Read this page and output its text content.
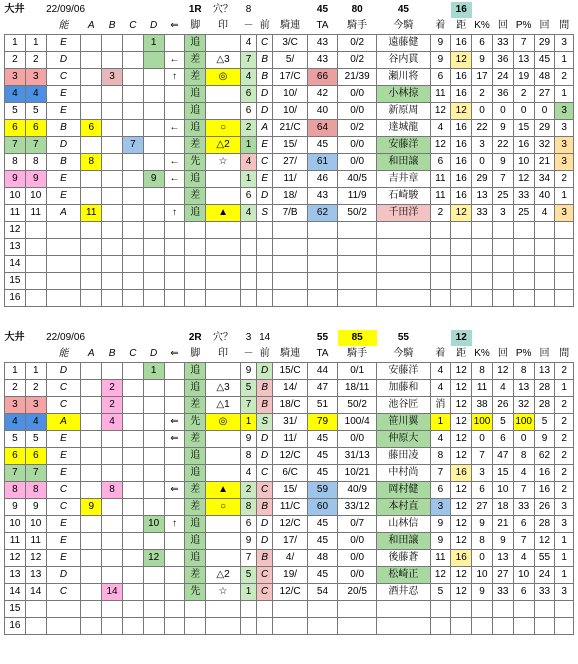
大井		22/09/06						1R	穴？	8			45	80	45		16					
		能	A	B	C	D	⇐	脚	印	－	前	騎連	TA	騎手	今騎	着	距	K%	回	P%	回	間
1	1	E				1		追		4	C	3/C	43	0/2	遠藤健	9	16	6	33	7	29	3
2	2	D					←	差	△3	7	B	5/	43	0/2	谷内貫	9	12	9	36	13	45	1
3	3	C		3			↑	差	◎	4	B	17/C	66	21/39	瀬川将	6	16	17	24	19	48	2
4	4	E						追		6	D	10/	42	0/0	小林掠	11	16	2	36	2	27	1
5	5	E						追		6	D	10/	40	0/0	新原周	12	12	0	0	0	0	3
6	6	B	6				←	追	○	2	A	21/C	64	0/2	達城龍	4	16	22	9	15	29	3
7	7	D			7			差	△2	1	E	15/	45	0/0	安藤洋	12	16	3	22	16	32	3
8	8	B	8				←	先	☆	4	C	27/	61	0/0	和田譲	6	16	0	9	10	21	3
9	9	E				9	←	追		1	E	11/	46	40/5	吉井章	11	16	29	7	12	34	2
10	10	E						差		6	D	18/	43	11/9	石崎駿	11	16	13	25	33	40	1
11	11	A	11				↑	追	▲	4	S	7/B	62	50/2	千田洋	2	12	33	3	25	4	3
12																						
13																						
14																						
15																						
16																						
大井		22/09/06						2R	穴？	3	14		55	85	55		12					
		能	A	B	C	D	⇐	脚	印	－	前	騎連	TA	騎手	今騎	着	距	K%	回	P%	回	間
1	1	D				1		追		9	D	15/C	44	0/1	安藤洋	4	12	8	12	8	13	2
2	2	C		2				追	△3	5	B	14/	47	18/11	加藤和	4	12	11	4	13	28	1
3	3	C		2				差	△1	7	B	18/C	51	50/2	池谷匠	消	12	38	26	32	28	2
4	4	A		4			⇐	先	◎	1	S	31/	79	100/4	笹川翼	1	12	100	5	100	5	2
5	5	E					⇐	差		9	D	11/	45	0/0	仲原大	4	12	0	6	0	9	2
6	6	E						追		8	D	12/C	45	31/13	藤田凌	8	12	7	47	8	62	2
7	7	E						追		4	C	6/C	45	10/21	中村尚	7	16	3	15	4	16	2
8	8	C		8			⇐	差	▲	2	C	15/	59	40/9	岡村健	6	12	6	10	7	16	2
9	9	C	9					差	○	8	B	11/C	60	33/12	本村直	3	12	27	18	33	26	3
10	10	E				10	↑	追		6	D	12/C	45	0/7	山林信	9	12	9	21	6	28	3
11	11	E						追		9	D	17/	45	0/0	和田譲	9	12	8	9	7	12	1
12	12	E				12		追		7	B	4/	48	0/0	後藤蒼	11	16	0	13	4	55	1
13	13	D						差	△2	5	C	19/	45	0/0	松崎正	12	12	10	27	10	24	1
14	14	C		14				先	☆	1	C	12/C	54	20/5	酒井忍	5	12	9	33	6	33	3
15																						
16																						
